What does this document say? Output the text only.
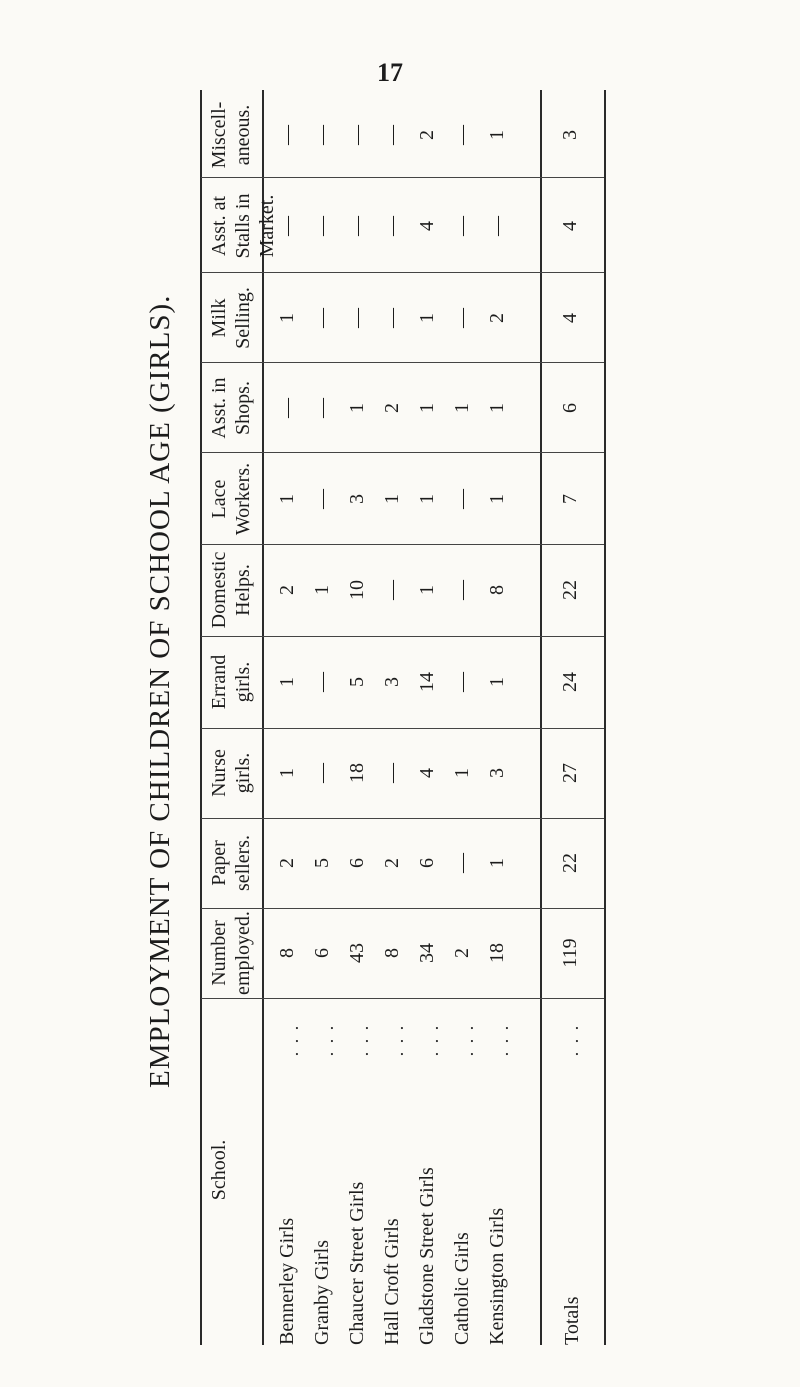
17
EMPLOYMENT OF CHILDREN OF SCHOOL AGE (GIRLS).
Miscell- aneous.
Asst. at Stalls in Market.
Milk Selling.
Asst. in Shops.
Lace Workers.
Domestic Helps.
Errand girls.
Nurse girls.
Paper sellers.
Number employed.
School.
Bennerley Girls Granby Girls Chaucer Street Girls Hall Croft Girls Gladstone Street Girls Catholic Girls Kensington Girls	Totals
. . . . . . . . . . . . . . . . . . . . .	. . .
8
2
1
1
2
1
—
1
—
—
6
5
—
—
1
—
—
—
—
—
43
6
18
5
10
3
1
—
—
—
8
2
—
3
—
1
2
—
—
—
34
6
4
14
1
1
1
1
4
2
2
—
1
—
—
—
1
—
—
—
18
1
3
1
8
1
1
2
—
1
119
22
27
24
22
7
6
4
4
3
